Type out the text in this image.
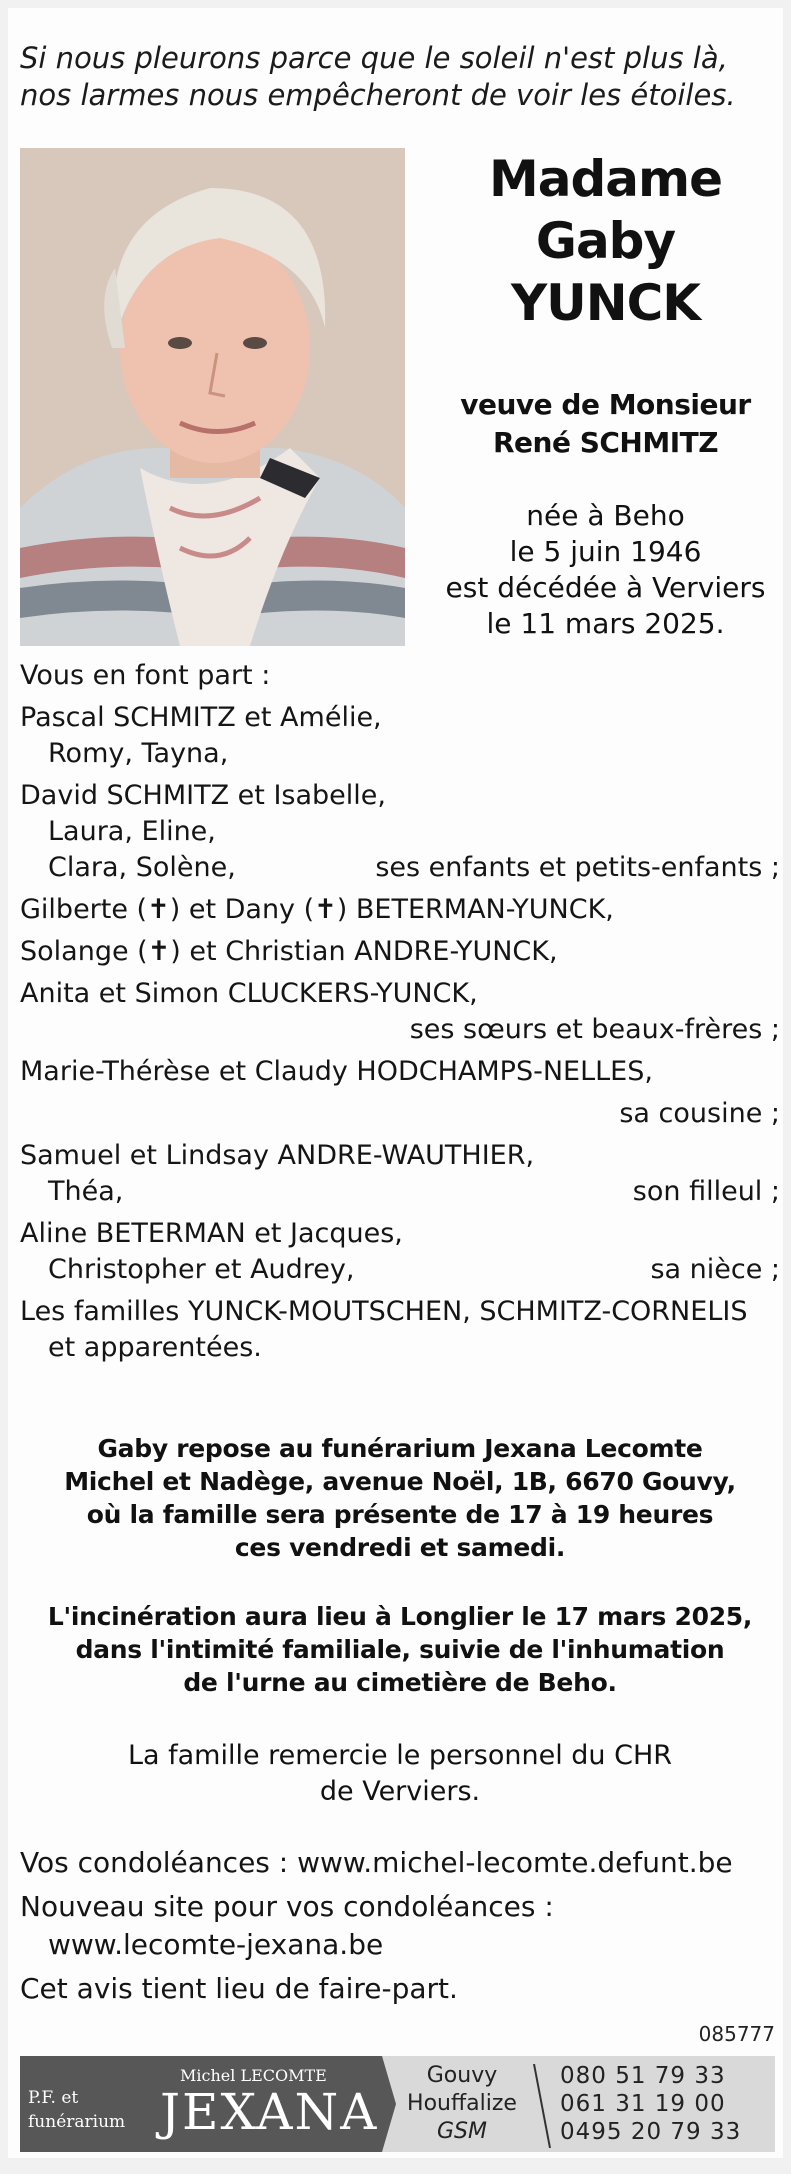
Si nous pleurons parce que le soleil n'est plus là,
nos larmes nous empêcheront de voir les étoiles.
Madame
Gaby
YUNCK
veuve de Monsieur
René SCHMITZ
née à Beho
le 5 juin 1946
est décédée à Verviers
le 11 mars 2025.
Vous en font part :
Pascal SCHMITZ et Amélie,
Romy, Tayna,
David SCHMITZ et Isabelle,
Laura, Eline,
Clara, Solène,	ses enfants et petits-enfants ;
Gilberte (✝) et Dany (✝) BETERMAN-YUNCK,
Solange (✝) et Christian ANDRE-YUNCK,
Anita et Simon CLUCKERS-YUNCK,
ses sœurs et beaux-frères ;
Marie-Thérèse et Claudy HODCHAMPS-NELLES,
sa cousine ;
Samuel et Lindsay ANDRE-WAUTHIER,
Théa,	son filleul ;
Aline BETERMAN et Jacques,
Christopher et Audrey,	sa nièce ;
Les familles YUNCK-MOUTSCHEN, SCHMITZ-CORNELIS
et apparentées.
Gaby repose au funérarium Jexana Lecomte
Michel et Nadège, avenue Noël, 1B, 6670 Gouvy,
où la famille sera présente de 17 à 19 heures
ces vendredi et samedi.
L'incinération aura lieu à Longlier le 17 mars 2025,
dans l'intimité familiale, suivie de l'inhumation
de l'urne au cimetière de Beho.
La famille remercie le personnel du CHR
de Verviers.
Vos condoléances : www.michel-lecomte.defunt.be
Nouveau site pour vos condoléances :
www.lecomte-jexana.be
Cet avis tient lieu de faire-part.
085777
P.F. et
funérarium
Michel LECOMTE
JEXANA
Gouvy
Houffalize
GSM
080 51 79 33
061 31 19 00
0495 20 79 33
